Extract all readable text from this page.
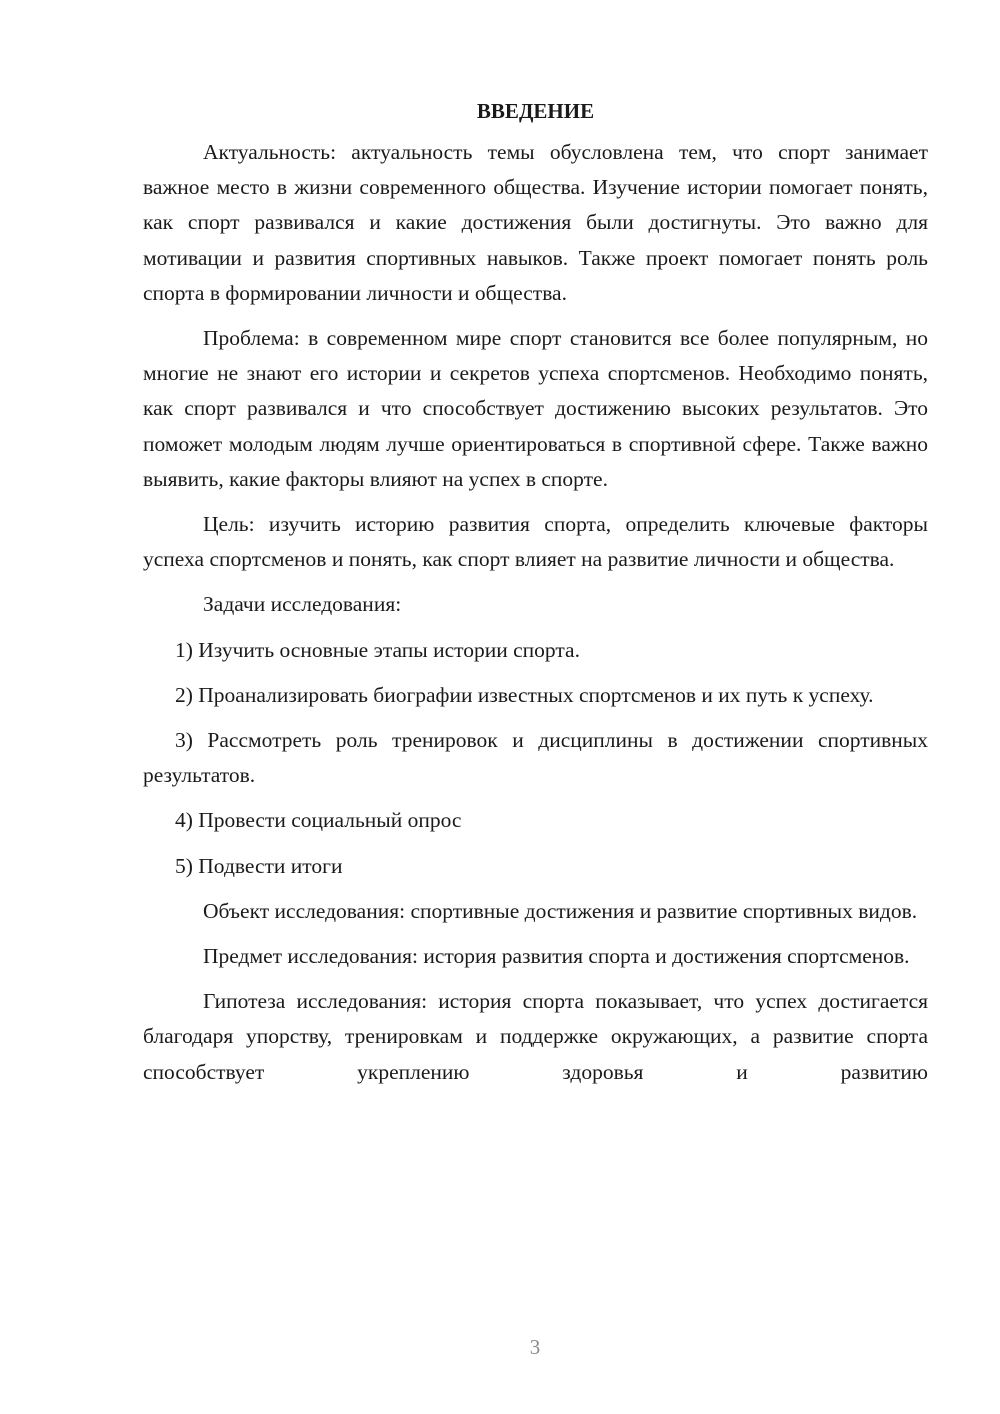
ВВЕДЕНИЕ

Актуальность: актуальность темы обусловлена тем, что спорт занимает важное место в жизни современного общества. Изучение истории помогает понять, как спорт развивался и какие достижения были достигнуты. Это важно для мотивации и развития спортивных навыков. Также проект помогает понять роль спорта в формировании личности и общества.

Проблема: в современном мире спорт становится все более популярным, но многие не знают его истории и секретов успеха спортсменов. Необходимо понять, как спорт развивался и что способствует достижению высоких результатов. Это поможет молодым людям лучше ориентироваться в спортивной сфере. Также важно выявить, какие факторы влияют на успех в спорте.

Цель: изучить историю развития спорта, определить ключевые факторы успеха спортсменов и понять, как спорт влияет на развитие личности и общества.

Задачи исследования:

1) Изучить основные этапы истории спорта.

2) Проанализировать биографии известных спортсменов и их путь к успеху.

3) Рассмотреть роль тренировок и дисциплины в достижении спортивных результатов.

4) Провести социальный опрос

5) Подвести итоги

Объект исследования: спортивные достижения и развитие спортивных видов.

Предмет исследования: история развития спорта и достижения спортсменов.

Гипотеза исследования: история спорта показывает, что успех достигается благодаря упорству, тренировкам и поддержке окружающих, а развитие спорта способствует укреплению здоровья и развитию

3
